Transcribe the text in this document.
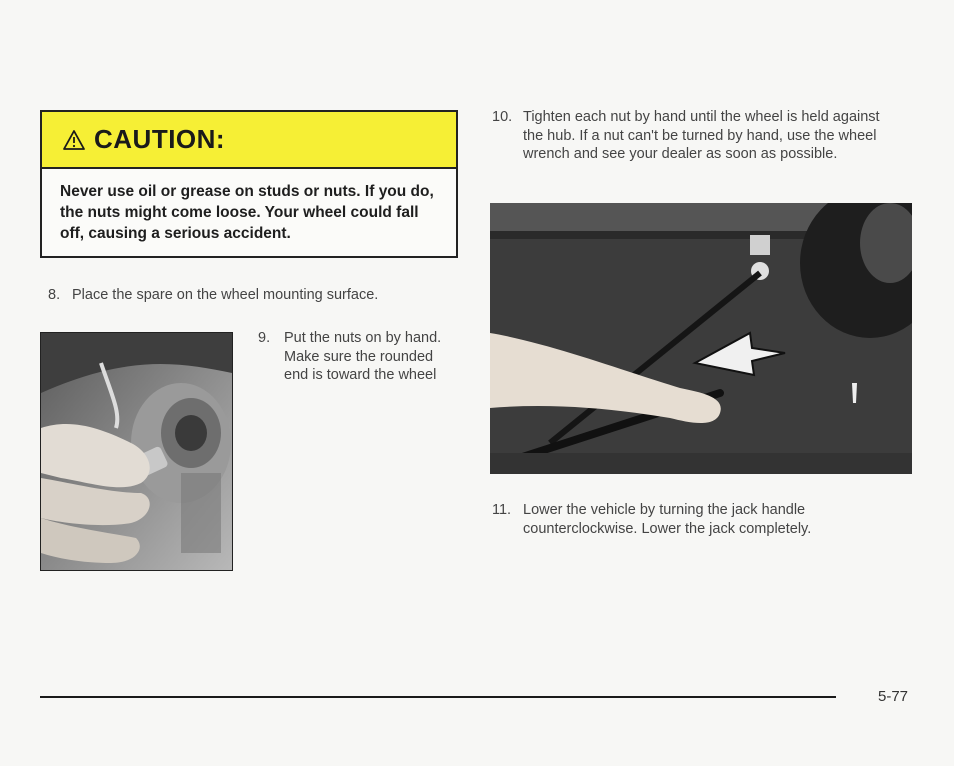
CAUTION:
Never use oil or grease on studs or nuts. If you do, the nuts might come loose. Your wheel could fall off, causing a serious accident.
8. Place the spare on the wheel mounting surface.
9. Put the nuts on by hand. Make sure the rounded end is toward the wheel
10. Tighten each nut by hand until the wheel is held against the hub. If a nut can't be turned by hand, use the wheel wrench and see your dealer as soon as possible.
11. Lower the vehicle by turning the jack handle counterclockwise. Lower the jack completely.
5-77
